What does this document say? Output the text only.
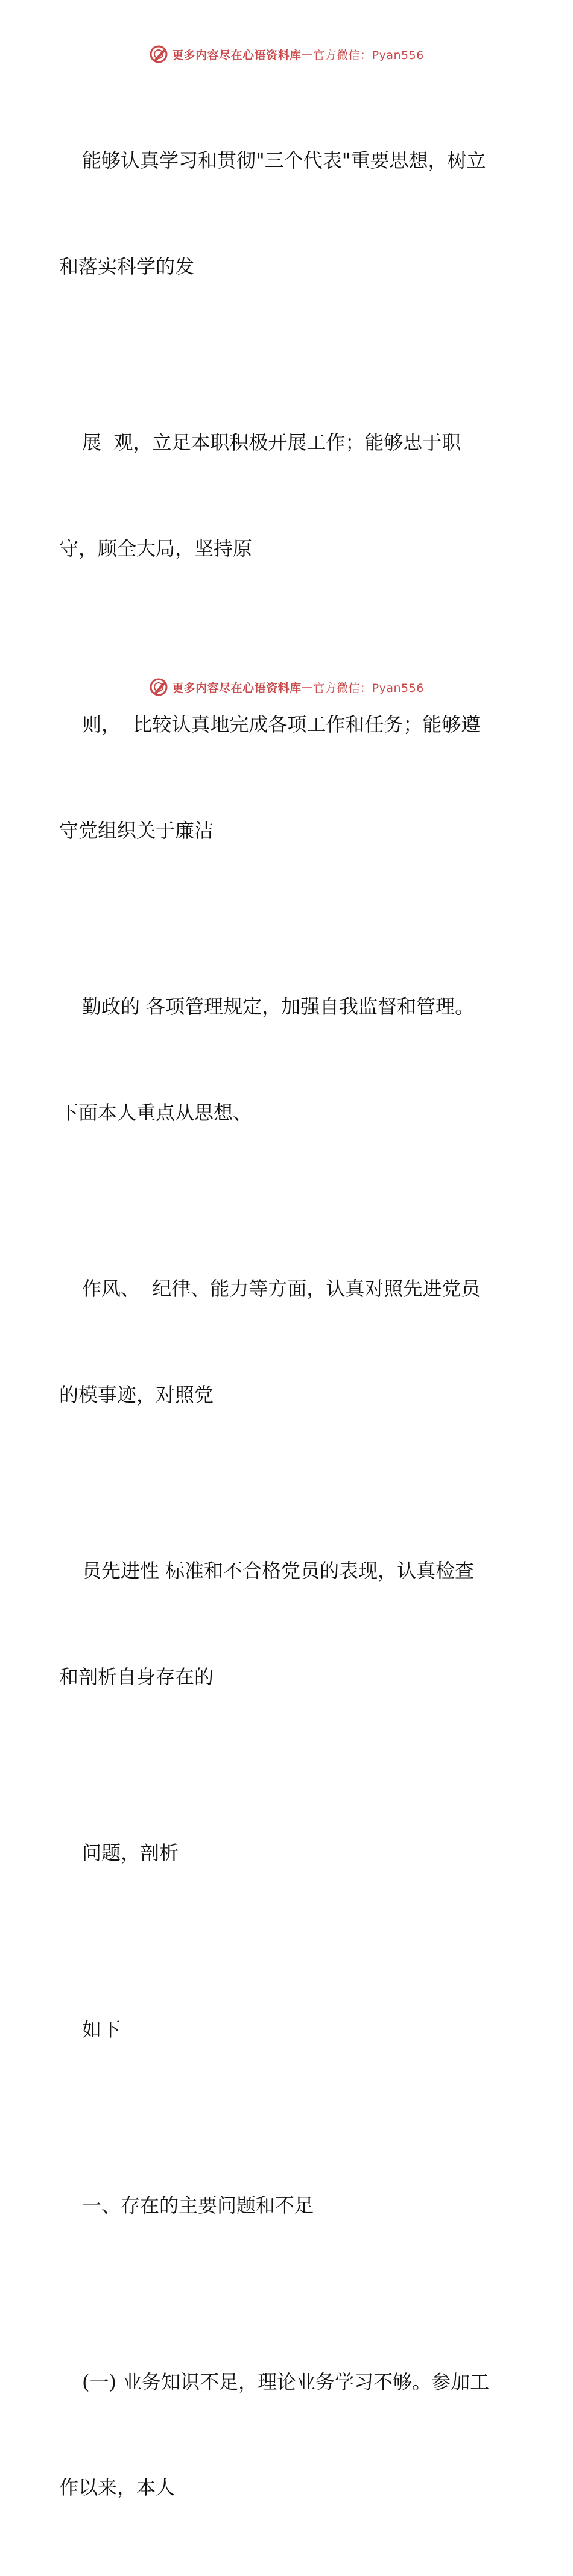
更多内容尽在心语资料库 — 官方微信：Pyan556

能够认真学习和贯彻"三个代表"重要思想，树立

和落实科学的发

展  观，立足本职积极开展工作；能够忠于职

守，顾全大局，坚持原

则，  比较认真地完成各项工作和任务；能够遵

守党组织关于廉洁

勤政的 各项管理规定，加强自我监督和管理。

下面本人重点从思想、

作风、  纪律、能力等方面，认真对照先进党员

的模事迹，对照党

员先进性 标准和不合格党员的表现，认真检查

和剖析自身存在的

问题，剖析

如下

一、存在的主要问题和不足

(一) 业务知识不足，理论业务学习不够。参加工

作以来，本人

更多内容尽在心语资料库 — 官方微信：Pyan556
